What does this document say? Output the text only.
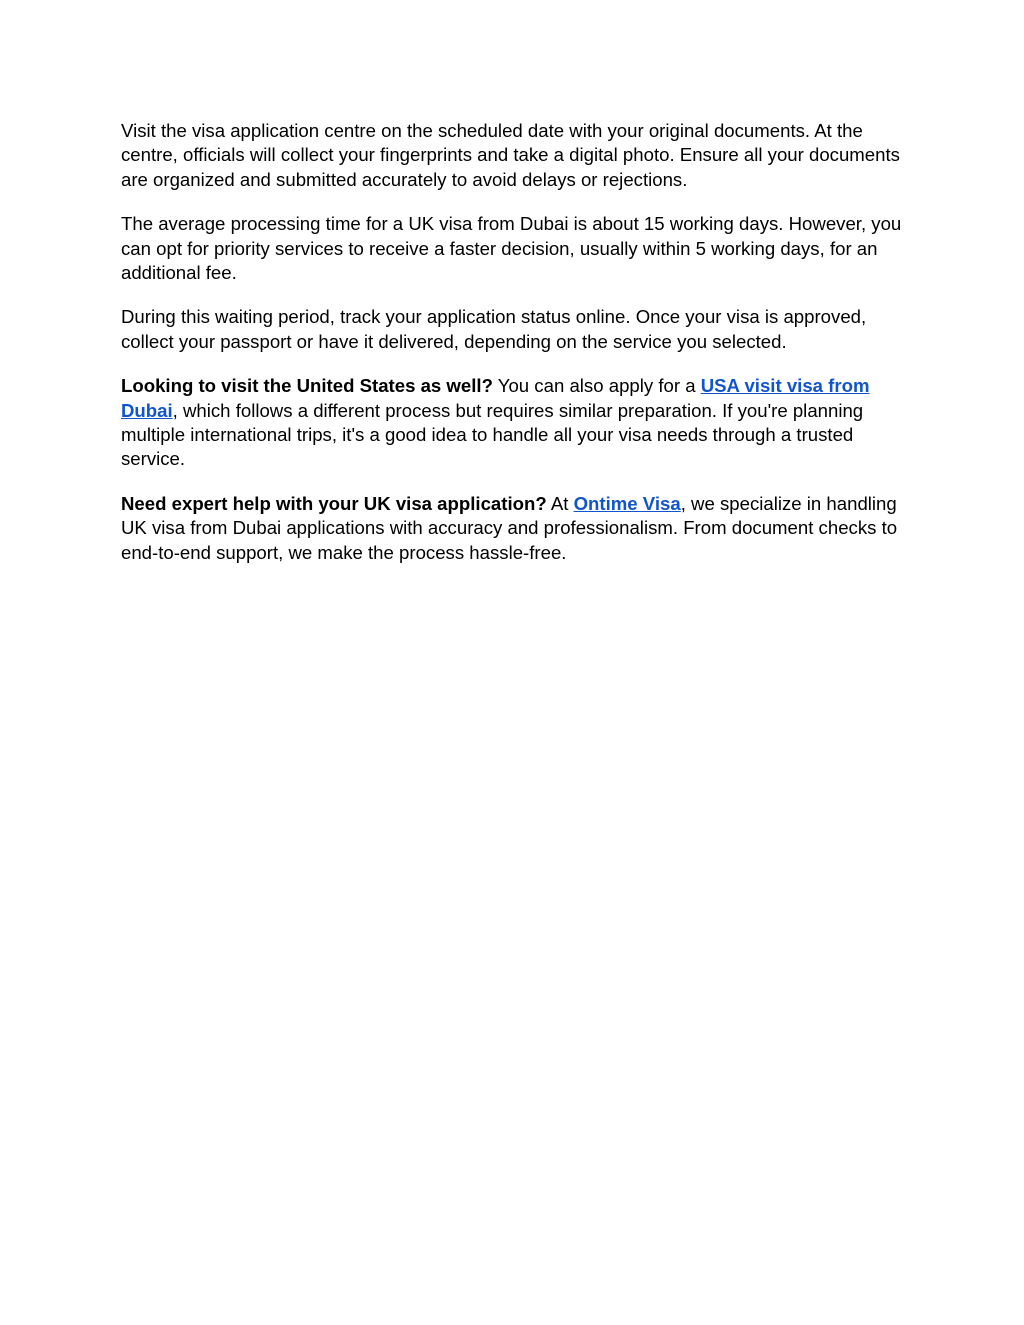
Visit the visa application centre on the scheduled date with your original documents. At the centre, officials will collect your fingerprints and take a digital photo. Ensure all your documents are organized and submitted accurately to avoid delays or rejections.

The average processing time for a UK visa from Dubai is about 15 working days. However, you can opt for priority services to receive a faster decision, usually within 5 working days, for an additional fee.

During this waiting period, track your application status online. Once your visa is approved, collect your passport or have it delivered, depending on the service you selected.

Looking to visit the United States as well? You can also apply for a USA visit visa from Dubai, which follows a different process but requires similar preparation. If you're planning multiple international trips, it's a good idea to handle all your visa needs through a trusted service.

Need expert help with your UK visa application? At Ontime Visa, we specialize in handling UK visa from Dubai applications with accuracy and professionalism. From document checks to end-to-end support, we make the process hassle-free.
